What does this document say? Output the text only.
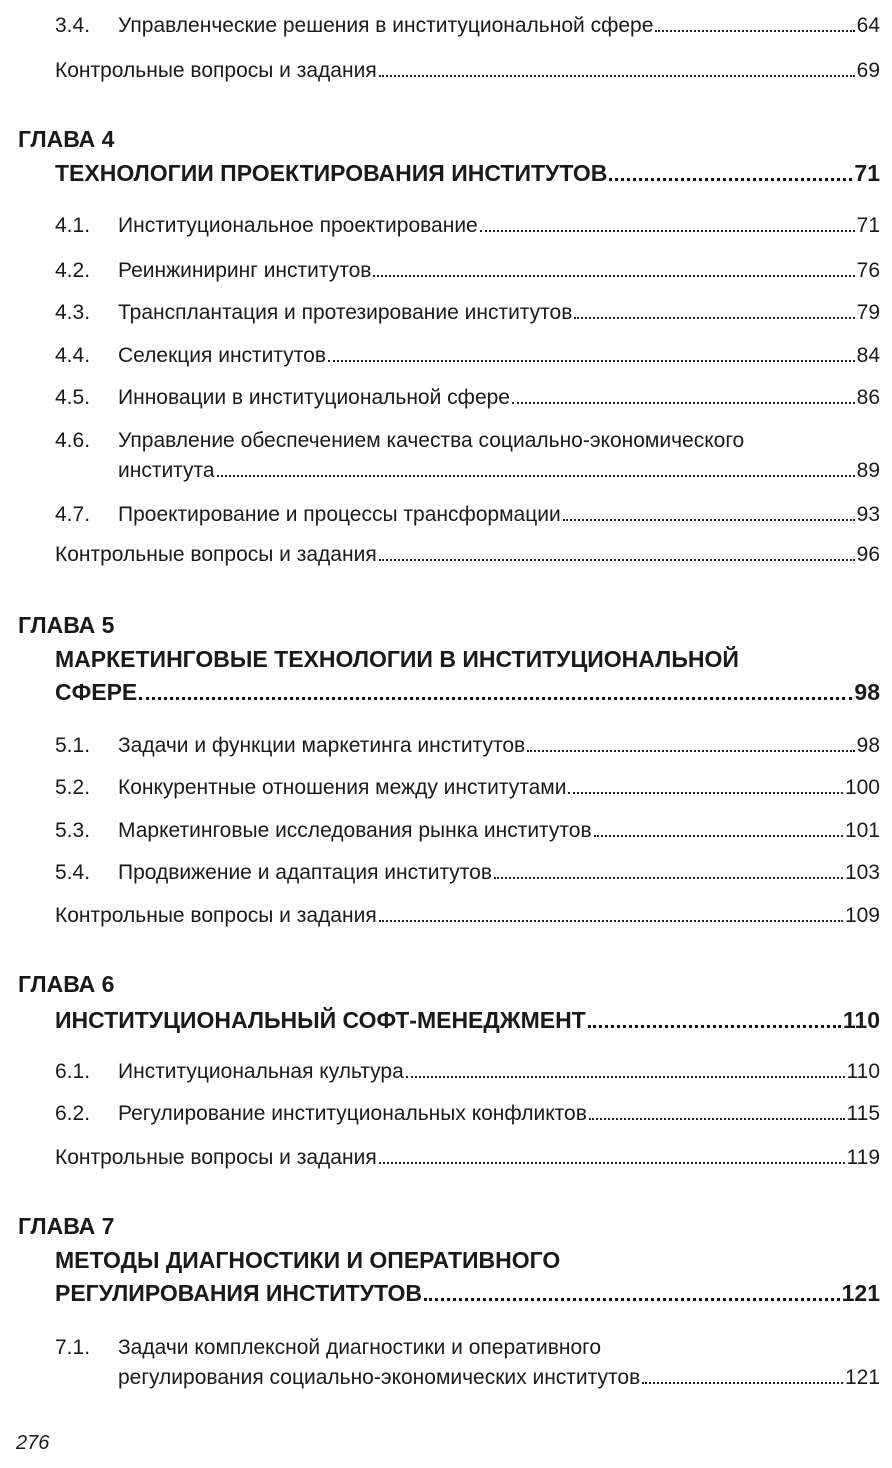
3.4.	Управленческие решения в институциональной сфере	64
Контрольные вопросы и задания	69
ГЛАВА 4
ТЕХНОЛОГИИ ПРОЕКТИРОВАНИЯ ИНСТИТУТОВ	71
4.1.	Институциональное проектирование	71
4.2.	Реинжиниринг институтов	76
4.3.	Трансплантация и протезирование институтов	79
4.4.	Селекция институтов	84
4.5.	Инновации в институциональной сфере	86
4.6.	Управление обеспечением качества социально-экономического
института	89
4.7.	Проектирование и процессы трансформации	93
Контрольные вопросы и задания	96
ГЛАВА 5
МАРКЕТИНГОВЫЕ ТЕХНОЛОГИИ В ИНСТИТУЦИОНАЛЬНОЙ
СФЕРЕ	98
5.1.	Задачи и функции маркетинга институтов	98
5.2.	Конкурентные отношения между институтами	100
5.3.	Маркетинговые исследования рынка институтов	101
5.4.	Продвижение и адаптация институтов	103
Контрольные вопросы и задания	109
ГЛАВА 6
ИНСТИТУЦИОНАЛЬНЫЙ СОФТ-МЕНЕДЖМЕНТ	110
6.1.	Институциональная культура	110
6.2.	Регулирование институциональных конфликтов	115
Контрольные вопросы и задания	119
ГЛАВА 7
МЕТОДЫ ДИАГНОСТИКИ И ОПЕРАТИВНОГО
РЕГУЛИРОВАНИЯ ИНСТИТУТОВ	121
7.1.	Задачи комплексной диагностики и оперативного
регулирования социально-экономических институтов	121
276
